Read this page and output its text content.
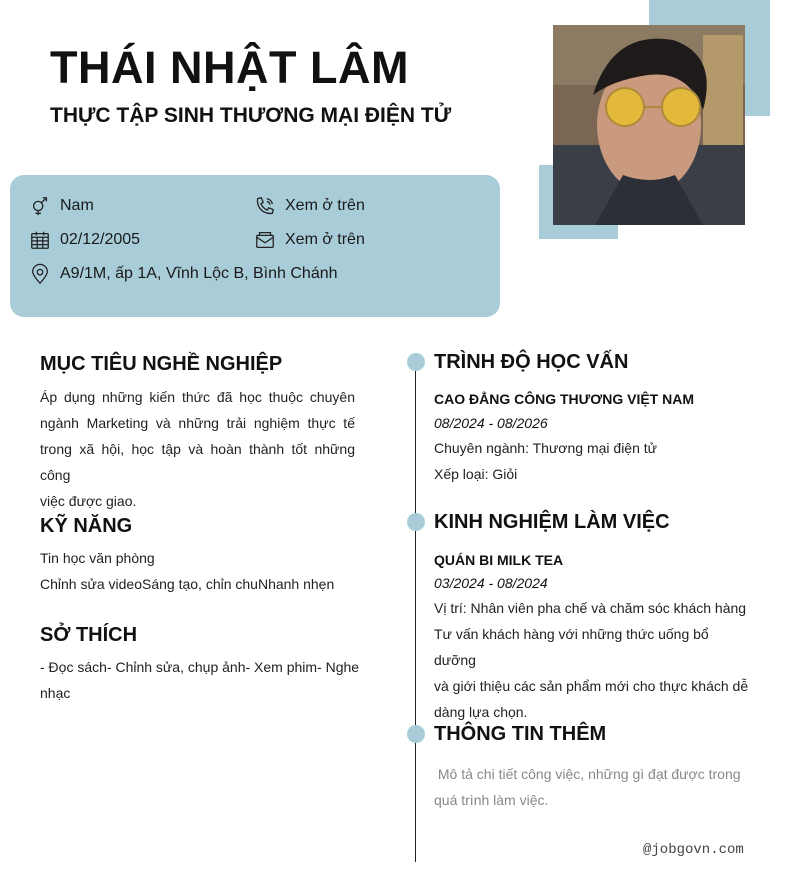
THÁI NHẬT LÂM
THỰC TẬP SINH THƯƠNG MẠI ĐIỆN TỬ
Nam	Xem ở trên
02/12/2005	Xem ở trên
A9/1M, ấp 1A, Vĩnh Lộc B, Bình Chánh
MỤC TIÊU NGHỀ NGHIỆP
Áp dụng những kiến thức đã học thuộc chuyên
ngành Marketing và những trải nghiệm thực tế
trong xã hội, học tập và hoàn thành tốt những công
việc được giao.
KỸ NĂNG
Tin học văn phòng
Chỉnh sửa videoSáng tạo, chỉn chuNhanh nhẹn
SỞ THÍCH
- Đọc sách- Chỉnh sửa, chụp ảnh- Xem phim- Nghe
nhạc
TRÌNH ĐỘ HỌC VẤN
CAO ĐẲNG CÔNG THƯƠNG VIỆT NAM
08/2024 - 08/2026
Chuyên ngành: Thương mại điện tử
Xếp loại: Giỏi
KINH NGHIỆM LÀM VIỆC
QUÁN BI MILK TEA
03/2024 - 08/2024
Vị trí: Nhân viên pha chế và chăm sóc khách hàng
Tư vấn khách hàng với những thức uống bổ dưỡng
và giới thiệu các sản phẩm mới cho thực khách dễ
dàng lựa chọn.
THÔNG TIN THÊM
Mô tả chi tiết công việc, những gì đạt được trong
quá trình làm việc.
@jobgovn.com
